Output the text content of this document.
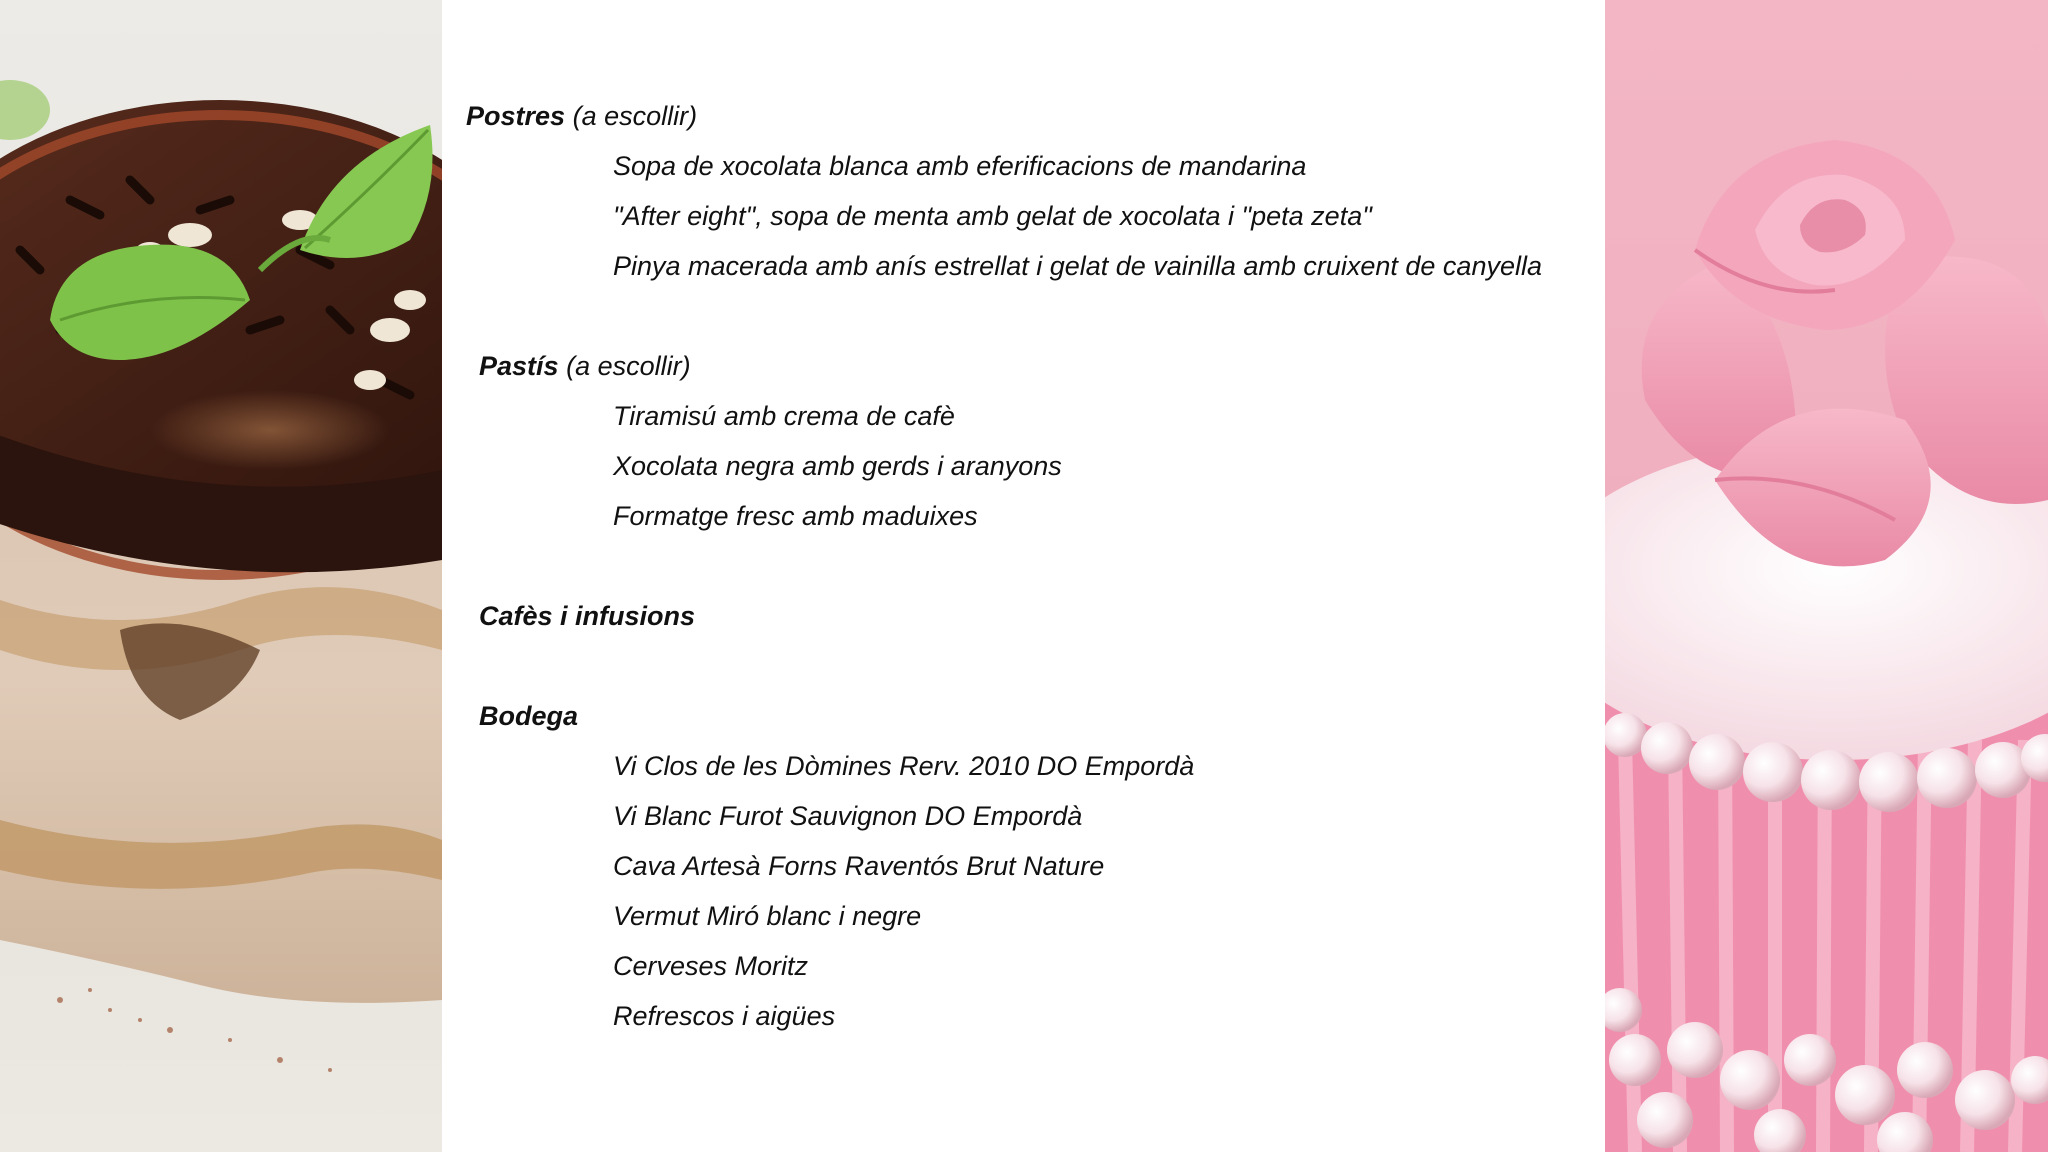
Postres (a escollir)
Sopa de xocolata blanca amb eferificacions de mandarina
"After eight", sopa de menta amb gelat de xocolata i "peta zeta"
Pinya macerada amb anís estrellat i gelat de vainilla amb cruixent de canyella
Pastís (a escollir)
Tiramisú amb crema de cafè
Xocolata negra amb gerds i aranyons
Formatge fresc amb maduixes
Cafès i infusions
Bodega
Vi Clos de les Dòmines Rerv. 2010 DO Empordà
Vi Blanc Furot Sauvignon DO Empordà
Cava Artesà Forns Raventós Brut Nature
Vermut Miró blanc i negre
Cerveses Moritz
Refrescos i aigües
